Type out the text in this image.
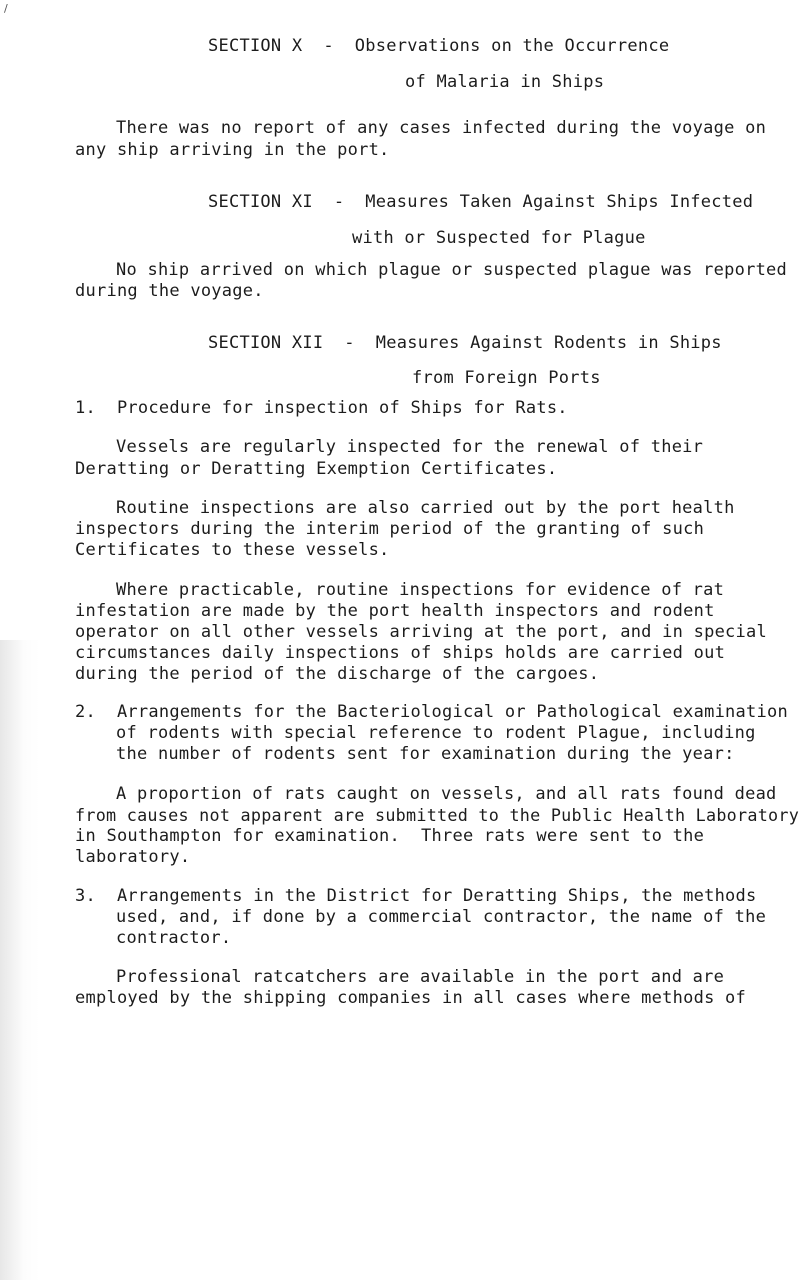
/
SECTION X  -  Observations on the Occurrence
of Malaria in Ships
There was no report of any cases infected during the voyage on
any ship arriving in the port.
SECTION XI  -  Measures Taken Against Ships Infected
with or Suspected for Plague
No ship arrived on which plague or suspected plague was reported
during the voyage.
SECTION XII  -  Measures Against Rodents in Ships
from Foreign Ports
1.  Procedure for inspection of Ships for Rats.
Vessels are regularly inspected for the renewal of their
Deratting or Deratting Exemption Certificates.
Routine inspections are also carried out by the port health
inspectors during the interim period of the granting of such
Certificates to these vessels.
Where practicable, routine inspections for evidence of rat
infestation are made by the port health inspectors and rodent
operator on all other vessels arriving at the port, and in special
circumstances daily inspections of ships holds are carried out
during the period of the discharge of the cargoes.
2.  Arrangements for the Bacteriological or Pathological examination
of rodents with special reference to rodent Plague, including
the number of rodents sent for examination during the year:
A proportion of rats caught on vessels, and all rats found dead
from causes not apparent are submitted to the Public Health Laboratory
in Southampton for examination.  Three rats were sent to the
laboratory.
3.  Arrangements in the District for Deratting Ships, the methods
used, and, if done by a commercial contractor, the name of the
contractor.
Professional ratcatchers are available in the port and are
employed by the shipping companies in all cases where methods of
